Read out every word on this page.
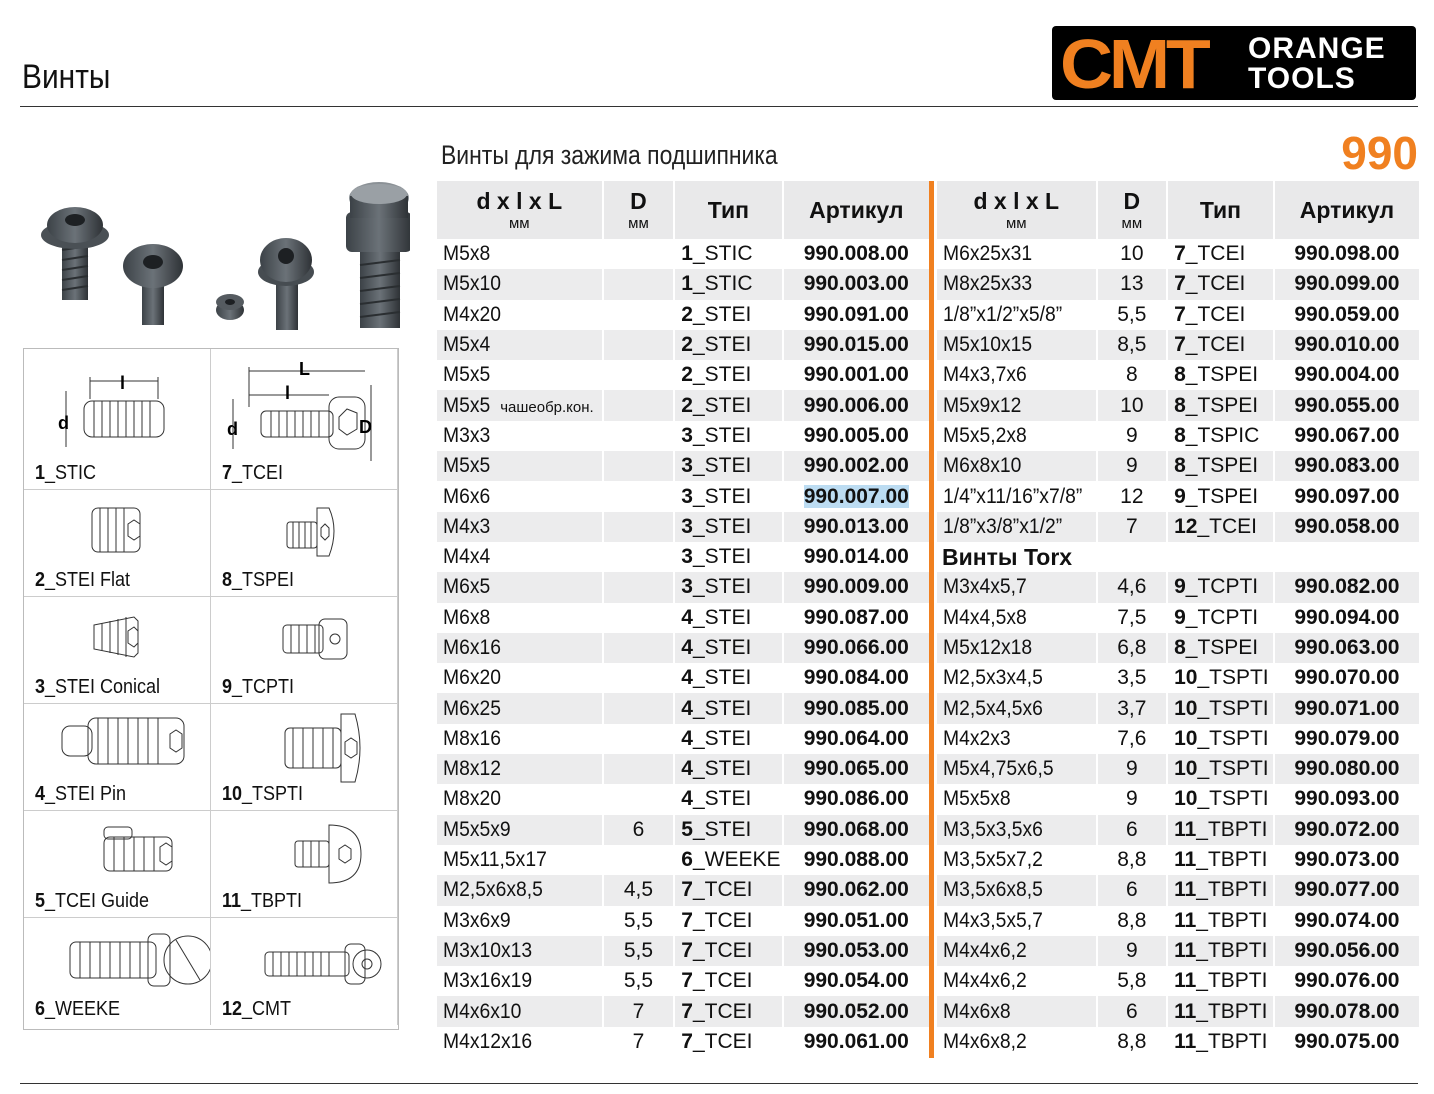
Винты	CMT ORANGE
TOOLS
Винты для зажима подшипника	990
l
d
1_STIC
L
l
d	D
7_TCEI
2_STEI Flat	8_TSPEI
3_STEI Conical	9_TCPTI
4_STEI Pin	10_TSPTI
5_TCEI Guide	11_TBPTI
6_WEEKE	12_CMT
d x l x L
мм	D
мм	Тип	Артикул
M5x8		1_STIC	990.008.00
M5x10		1_STIC	990.003.00
M4x20		2_STEI	990.091.00
M5x4		2_STEI	990.015.00
M5x5		2_STEI	990.001.00
M5x5 чашеобр.кон.		2_STEI	990.006.00
M3x3		3_STEI	990.005.00
M5x5		3_STEI	990.002.00
M6x6		3_STEI	990.007.00
M4x3		3_STEI	990.013.00
M4x4		3_STEI	990.014.00
M6x5		3_STEI	990.009.00
M6x8		4_STEI	990.087.00
M6x16		4_STEI	990.066.00
M6x20		4_STEI	990.084.00
M6x25		4_STEI	990.085.00
M8x16		4_STEI	990.064.00
M8x12		4_STEI	990.065.00
M8x20		4_STEI	990.086.00
M5x5x9	6	5_STEI	990.068.00
M5x11,5x17		6_WEEKE	990.088.00
M2,5x6x8,5	4,5	7_TCEI	990.062.00
M3x6x9	5,5	7_TCEI	990.051.00
M3x10x13	5,5	7_TCEI	990.053.00
M3x16x19	5,5	7_TCEI	990.054.00
M4x6x10	7	7_TCEI	990.052.00
M4x12x16	7	7_TCEI	990.061.00
d x l x L
мм	D
мм	Тип	Артикул
M6x25x31	10	7_TCEI	990.098.00
M8x25x33	13	7_TCEI	990.099.00
1/8”x1/2”x5/8”	5,5	7_TCEI	990.059.00
M5x10x15	8,5	7_TCEI	990.010.00
M4x3,7x6	8	8_TSPEI	990.004.00
M5x9x12	10	8_TSPEI	990.055.00
M5x5,2x8	9	8_TSPIC	990.067.00
M6x8x10	9	8_TSPEI	990.083.00
1/4”x11/16”x7/8”	12	9_TSPEI	990.097.00
1/8”x3/8”x1/2”	7	12_TCEI	990.058.00
Винты Torx			
M3x4x5,7	4,6	9_TCPTI	990.082.00
M4x4,5x8	7,5	9_TCPTI	990.094.00
M5x12x18	6,8	8_TSPEI	990.063.00
M2,5x3x4,5	3,5	10_TSPTI	990.070.00
M2,5x4,5x6	3,7	10_TSPTI	990.071.00
M4x2x3	7,6	10_TSPTI	990.079.00
M5x4,75x6,5	9	10_TSPTI	990.080.00
M5x5x8	9	10_TSPTI	990.093.00
M3,5x3,5x6	6	11_TBPTI	990.072.00
M3,5x5x7,2	8,8	11_TBPTI	990.073.00
M3,5x6x8,5	6	11_TBPTI	990.077.00
M4x3,5x5,7	8,8	11_TBPTI	990.074.00
M4x4x6,2	9	11_TBPTI	990.056.00
M4x4x6,2	5,8	11_TBPTI	990.076.00
M4x6x8	6	11_TBPTI	990.078.00
M4x6x8,2	8,8	11_TBPTI	990.075.00
